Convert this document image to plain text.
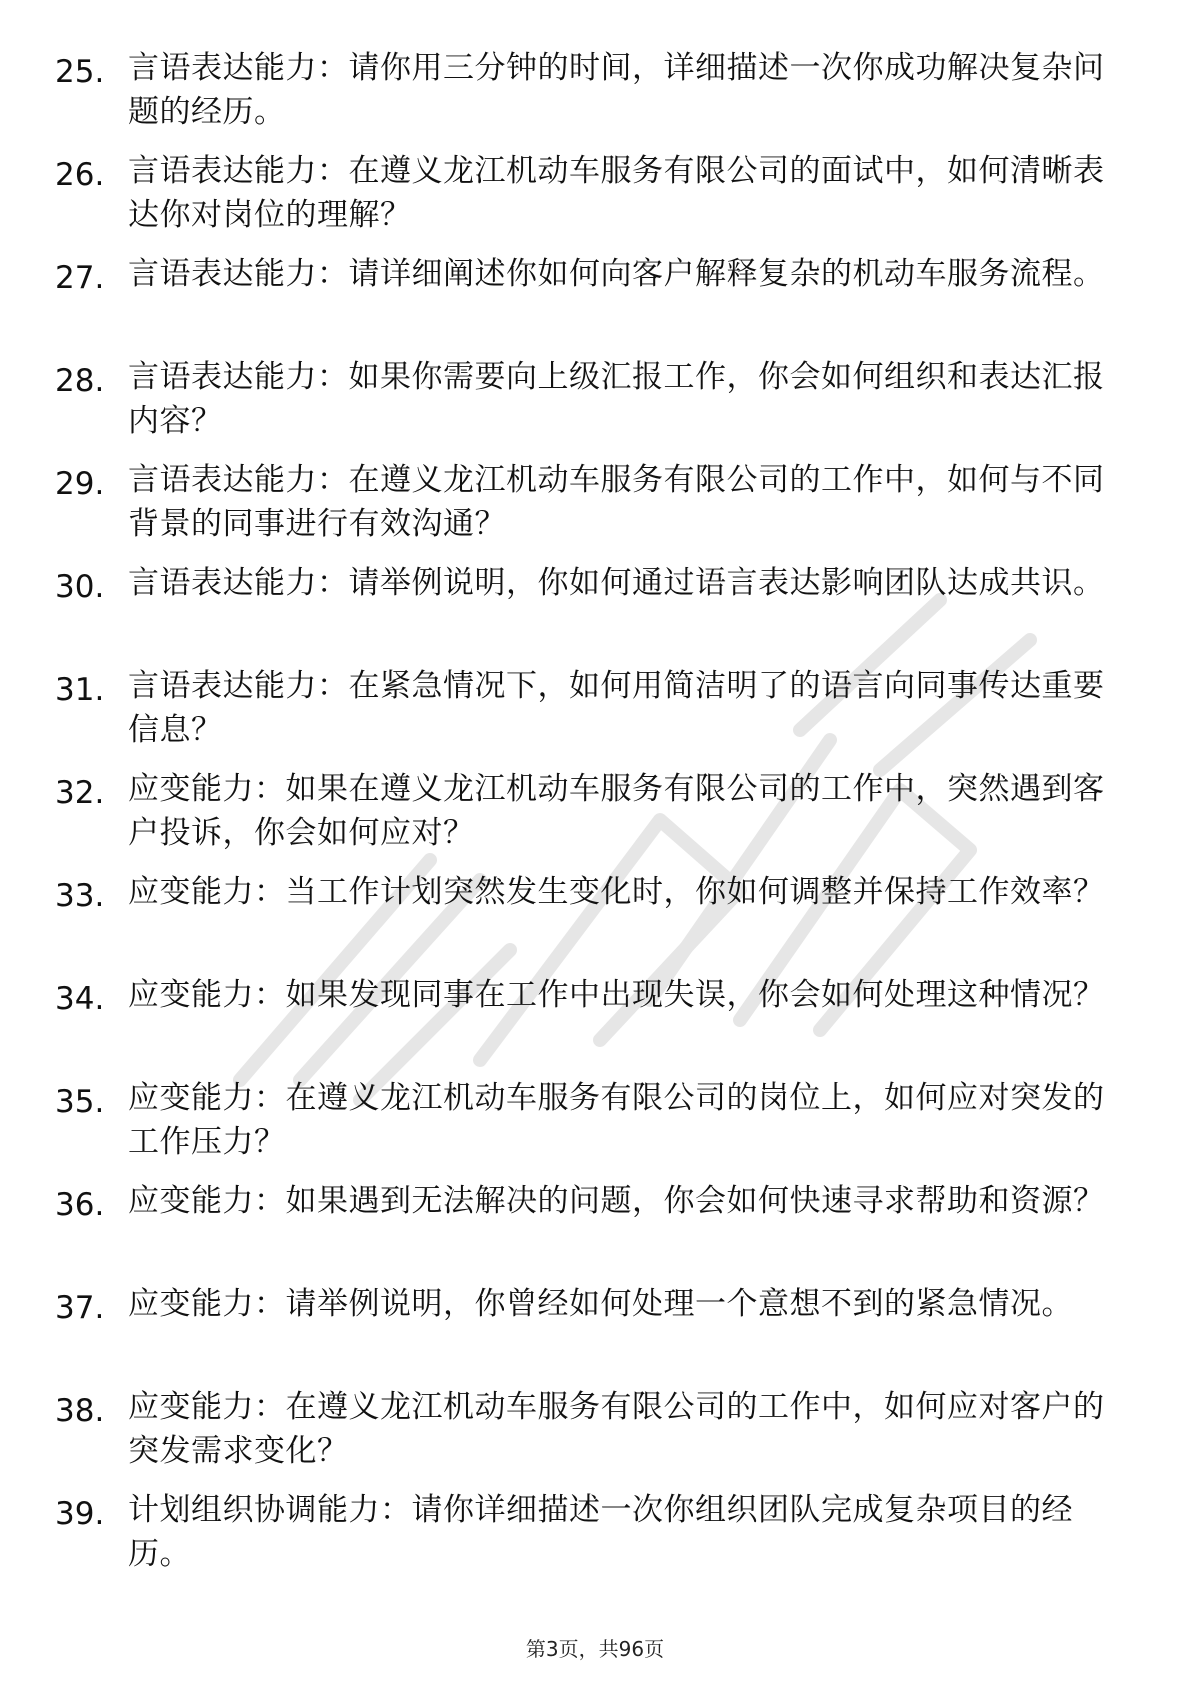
25. 言语表达能力：请你用三分钟的时间，详细描述一次你成功解决复杂问题的经历。
26. 言语表达能力：在遵义龙江机动车服务有限公司的面试中，如何清晰表达你对岗位的理解？
27. 言语表达能力：请详细阐述你如何向客户解释复杂的机动车服务流程。
28. 言语表达能力：如果你需要向上级汇报工作，你会如何组织和表达汇报内容？
29. 言语表达能力：在遵义龙江机动车服务有限公司的工作中，如何与不同背景的同事进行有效沟通？
30. 言语表达能力：请举例说明，你如何通过语言表达影响团队达成共识。
31. 言语表达能力：在紧急情况下，如何用简洁明了的语言向同事传达重要信息？
32. 应变能力：如果在遵义龙江机动车服务有限公司的工作中，突然遇到客户投诉，你会如何应对？
33. 应变能力：当工作计划突然发生变化时，你如何调整并保持工作效率？
34. 应变能力：如果发现同事在工作中出现失误，你会如何处理这种情况？
35. 应变能力：在遵义龙江机动车服务有限公司的岗位上，如何应对突发的工作压力？
36. 应变能力：如果遇到无法解决的问题，你会如何快速寻求帮助和资源？
37. 应变能力：请举例说明，你曾经如何处理一个意想不到的紧急情况。
38. 应变能力：在遵义龙江机动车服务有限公司的工作中，如何应对客户的突发需求变化？
39. 计划组织协调能力：请你详细描述一次你组织团队完成复杂项目的经历。
第3页，共96页
